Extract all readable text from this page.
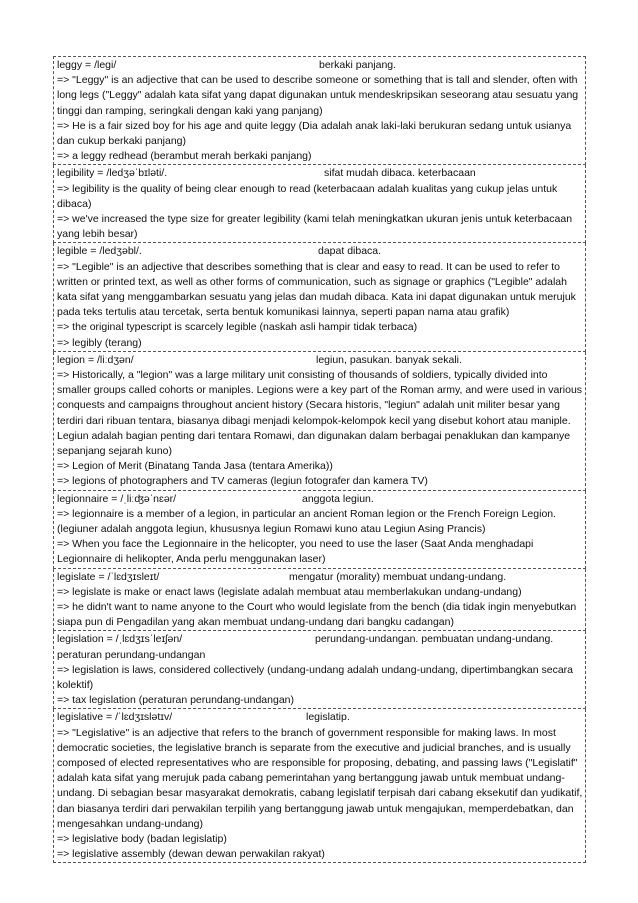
leggy = /legi/	berkaki panjang.
=> "Leggy" is an adjective that can be used to describe someone or something that is tall and slender, often with long legs ("Leggy" adalah kata sifat yang dapat digunakan untuk mendeskripsikan seseorang atau sesuatu yang tinggi dan ramping, seringkali dengan kaki yang panjang)
=> He is a fair sized boy for his age and quite leggy (Dia adalah anak laki-laki berukuran sedang untuk usianya dan cukup berkaki panjang)
=> a leggy redhead (berambut merah berkaki panjang)
legibility = /ledʒəˈbɪləti/.	sifat mudah dibaca. keterbacaan
=> legibility is the quality of being clear enough to read (keterbacaan adalah kualitas yang cukup jelas untuk dibaca)
=> we've increased the type size for greater legibility (kami telah meningkatkan ukuran jenis untuk keterbacaan yang lebih besar)
legible = /ledʒəbl/.	dapat dibaca.
=> "Legible" is an adjective that describes something that is clear and easy to read. It can be used to refer to written or printed text, as well as other forms of communication, such as signage or graphics ("Legible" adalah kata sifat yang menggambarkan sesuatu yang jelas dan mudah dibaca. Kata ini dapat digunakan untuk merujuk pada teks tertulis atau tercetak, serta bentuk komunikasi lainnya, seperti papan nama atau grafik)
=> the original typescript is scarcely legible (naskah asli hampir tidak terbaca)
=> legibly (terang)
legion = /liːdʒən/	legiun, pasukan. banyak sekali.
=> Historically, a "legion" was a large military unit consisting of thousands of soldiers, typically divided into smaller groups called cohorts or maniples. Legions were a key part of the Roman army, and were used in various conquests and campaigns throughout ancient history (Secara historis, "legiun" adalah unit militer besar yang terdiri dari ribuan tentara, biasanya dibagi menjadi kelompok-kelompok kecil yang disebut kohort atau maniple. Legiun adalah bagian penting dari tentara Romawi, dan digunakan dalam berbagai penaklukan dan kampanye sepanjang sejarah kuno)
=> Legion of Merit (Binatang Tanda Jasa (tentara Amerika))
=> legions of photographers and TV cameras (legiun fotografer dan kamera TV)
legionnaire = /ˌliːʤəˈnɛər/	anggota legiun.
=> legionnaire is a member of a legion, in particular an ancient Roman legion or the French Foreign Legion. (legiuner adalah anggota legiun, khususnya legiun Romawi kuno atau Legiun Asing Prancis)
=> When you face the Legionnaire in the helicopter, you need to use the laser (Saat Anda menghadapi Legionnaire di helikopter, Anda perlu menggunakan laser)
legislate = /ˈlɛdʒɪsleɪt/	mengatur (morality) membuat undang-undang.
=> legislate is make or enact laws (legislate adalah membuat atau memberlakukan undang-undang)
=> he didn't want to name anyone to the Court who would legislate from the bench (dia tidak ingin menyebutkan siapa pun di Pengadilan yang akan membuat undang-undang dari bangku cadangan)
legislation = /ˌlɛdʒɪsˈleɪʃən/	perundang-undangan. pembuatan undang-undang.
peraturan perundang-undangan
=> legislation is laws, considered collectively (undang-undang adalah undang-undang, dipertimbangkan secara kolektif)
=> tax legislation (peraturan perundang-undangan)
legislative = /ˈlɛdʒɪslətɪv/	legislatip.
=> "Legislative" is an adjective that refers to the branch of government responsible for making laws. In most democratic societies, the legislative branch is separate from the executive and judicial branches, and is usually composed of elected representatives who are responsible for proposing, debating, and passing laws ("Legislatif" adalah kata sifat yang merujuk pada cabang pemerintahan yang bertanggung jawab untuk membuat undang-undang. Di sebagian besar masyarakat demokratis, cabang legislatif terpisah dari cabang eksekutif dan yudikatif, dan biasanya terdiri dari perwakilan terpilih yang bertanggung jawab untuk mengajukan, memperdebatkan, dan mengesahkan undang-undang)
=> legislative body (badan legislatip)
=> legislative assembly (dewan dewan perwakilan rakyat)
